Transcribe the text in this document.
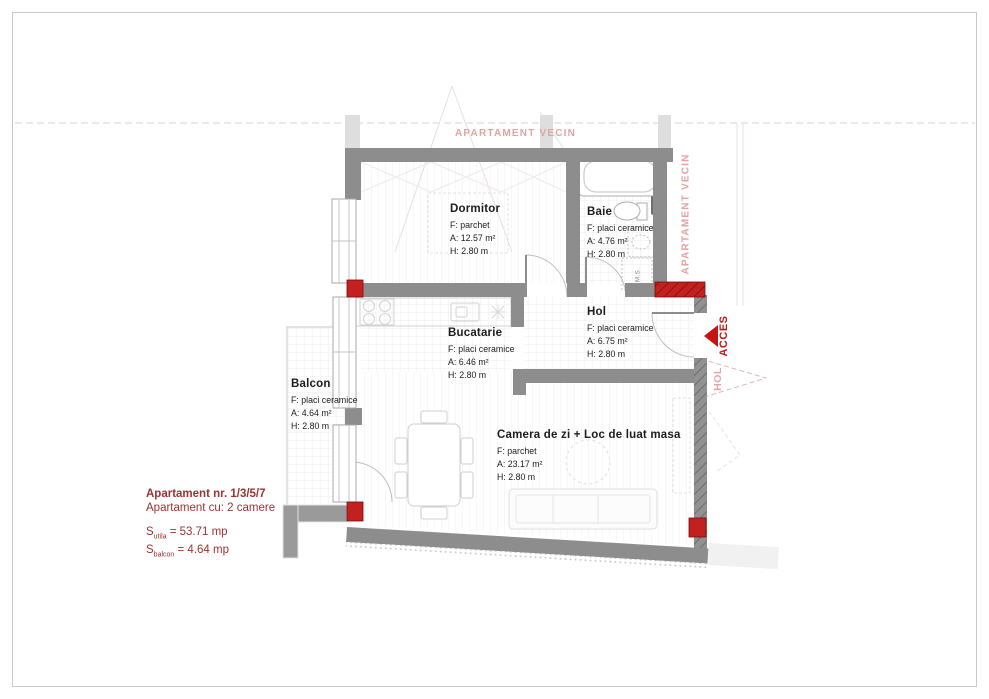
APARTAMENT VECIN
APARTAMENT VECIN
Dormitor
F: parchet
A: 12.57 m²
H: 2.80 m
Baie
F: placi ceramice
A: 4.76 m²
H: 2.80 m
Hol
F: placi ceramice
A: 6.75 m²
H: 2.80 m
Bucatarie
F: placi ceramice
A: 6.46 m²
H: 2.80 m
Balcon
F: placi ceramice
A: 4.64 m²
H: 2.80 m
Camera de zi + Loc de luat masa
F: parchet
A: 23.17 m²
H: 2.80 m
ACCES
HOL
M.S.
Apartament nr. 1/3/5/7
Apartament cu: 2 camere
$S_{utila} = 53.71$ mp
$S_{balcon} = 4.64$ mp
